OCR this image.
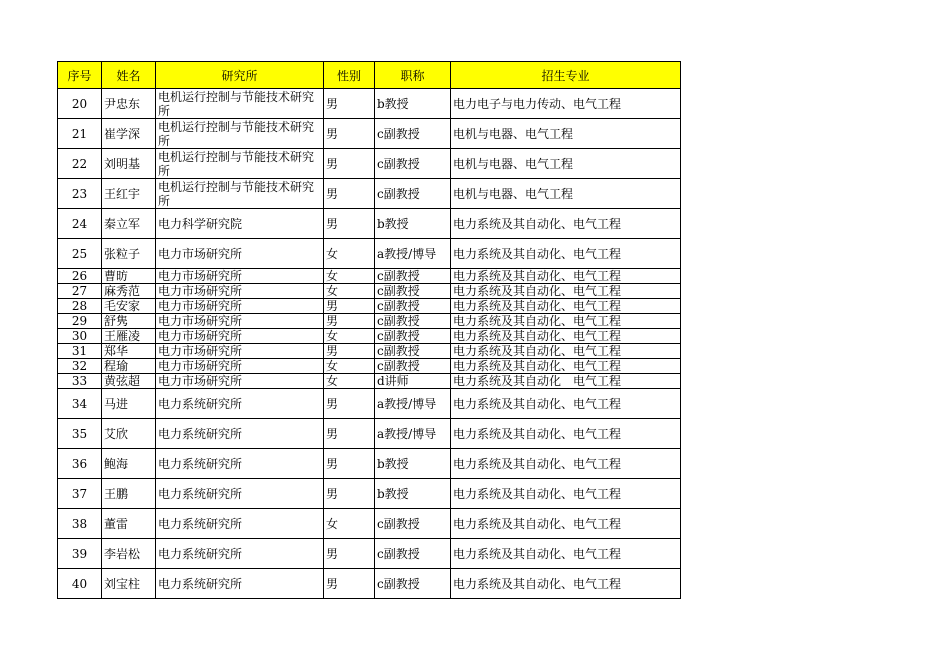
序号	姓名	研究所	性别	职称	招生专业
20	尹忠东	电机运行控制与节能技术研究所	男	b教授	电力电子与电力传动、电气工程
21	崔学深	电机运行控制与节能技术研究所	男	c副教授	电机与电器、电气工程
22	刘明基	电机运行控制与节能技术研究所	男	c副教授	电机与电器、电气工程
23	王红宇	电机运行控制与节能技术研究所	男	c副教授	电机与电器、电气工程
24	秦立军	电力科学研究院	男	b教授	电力系统及其自动化、电气工程
25	张粒子	电力市场研究所	女	a教授/博导	电力系统及其自动化、电气工程
26	曹昉	电力市场研究所	女	c副教授	电力系统及其自动化、电气工程
27	麻秀范	电力市场研究所	女	c副教授	电力系统及其自动化、电气工程
28	毛安家	电力市场研究所	男	c副教授	电力系统及其自动化、电气工程
29	舒隽	电力市场研究所	男	c副教授	电力系统及其自动化、电气工程
30	王雁凌	电力市场研究所	女	c副教授	电力系统及其自动化、电气工程
31	郑华	电力市场研究所	男	c副教授	电力系统及其自动化、电气工程
32	程瑜	电力市场研究所	女	c副教授	电力系统及其自动化、电气工程
33	黄弦超	电力市场研究所	女	d讲师	电力系统及其自动化　电气工程
34	马进	电力系统研究所	男	a教授/博导	电力系统及其自动化、电气工程
35	艾欣	电力系统研究所	男	a教授/博导	电力系统及其自动化、电气工程
36	鲍海	电力系统研究所	男	b教授	电力系统及其自动化、电气工程
37	王鹏	电力系统研究所	男	b教授	电力系统及其自动化、电气工程
38	董雷	电力系统研究所	女	c副教授	电力系统及其自动化、电气工程
39	李岩松	电力系统研究所	男	c副教授	电力系统及其自动化、电气工程
40	刘宝柱	电力系统研究所	男	c副教授	电力系统及其自动化、电气工程
